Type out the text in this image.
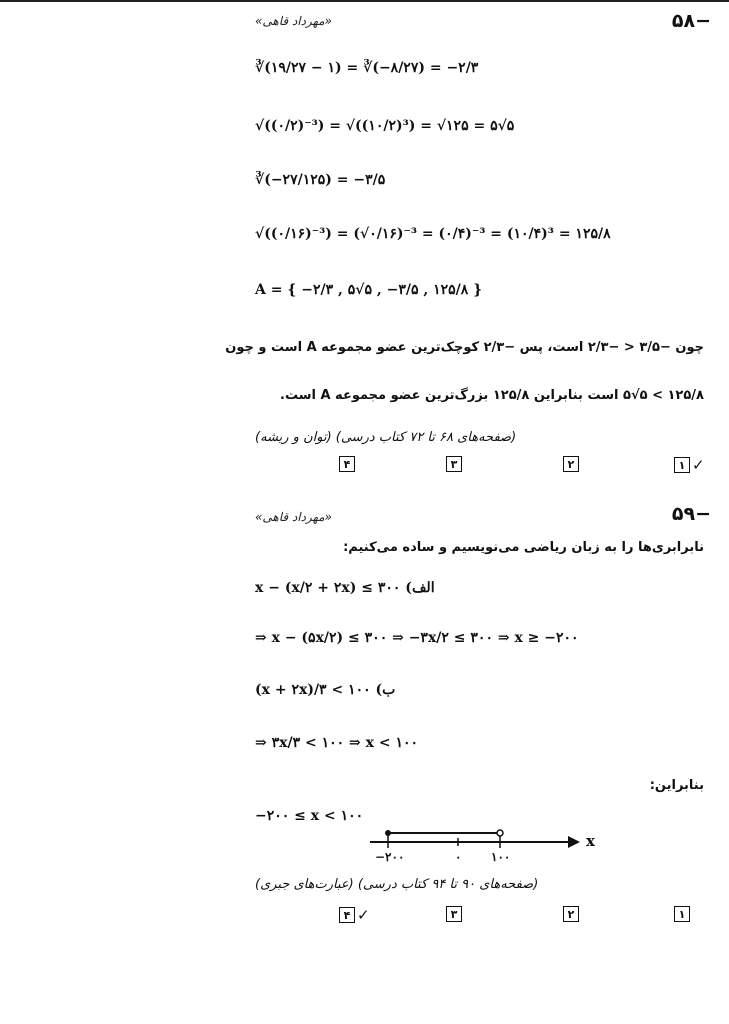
−۵۸
«مهرداد قاهی»
∛(۱۹/۲۷ − ۱) = ∛(−۸/۲۷) = −۲/۳
√((۰/۲)⁻³) = √((۱۰/۲)³) = √۱۲۵ = ۵√۵
∛(−۲۷/۱۲۵) = −۳/۵
√((۰/۱۶)⁻³) = (√۰/۱۶)⁻³ = (۰/۴)⁻³ = (۱۰/۴)³ = ۱۲۵/۸
A = { −۲/۳ , ۵√۵ , −۳/۵ , ۱۲۵/۸ }
چون −۳/۵ < −۲/۳ است، پس −۲/۳ کوچک‌ترین عضو مجموعه A است و چون
۱۲۵/۸ > ۵√۵ است بنابراین ۱۲۵/۸ بزرگ‌ترین عضو مجموعه A است.
(صفحه‌های ۶۸ تا ۷۲ کتاب درسی) (توان و ریشه)
۴	۳	۲	۱ ✓
−۵۹
«مهرداد قاهی»
نابرابری‌ها را به زبان ریاضی می‌نویسیم و ساده می‌کنیم:
x − (x/۲ + ۲x) ≤ ۳۰۰ (الف
⇒ x − (۵x/۲) ≤ ۳۰۰ ⇒ −۳x/۲ ≤ ۳۰۰ ⇒ x ≥ −۲۰۰
(x + ۲x)/۳ < ۱۰۰ (ب
⇒ ۳x/۳ < ۱۰۰ ⇒ x < ۱۰۰
بنابراین:
−۲۰۰ ≤ x < ۱۰۰
x
−۲۰۰	۰ ۱۰۰
(صفحه‌های ۹۰ تا ۹۴ کتاب درسی) (عبارت‌های جبری)
۴ ✓	۳	۲	۱
